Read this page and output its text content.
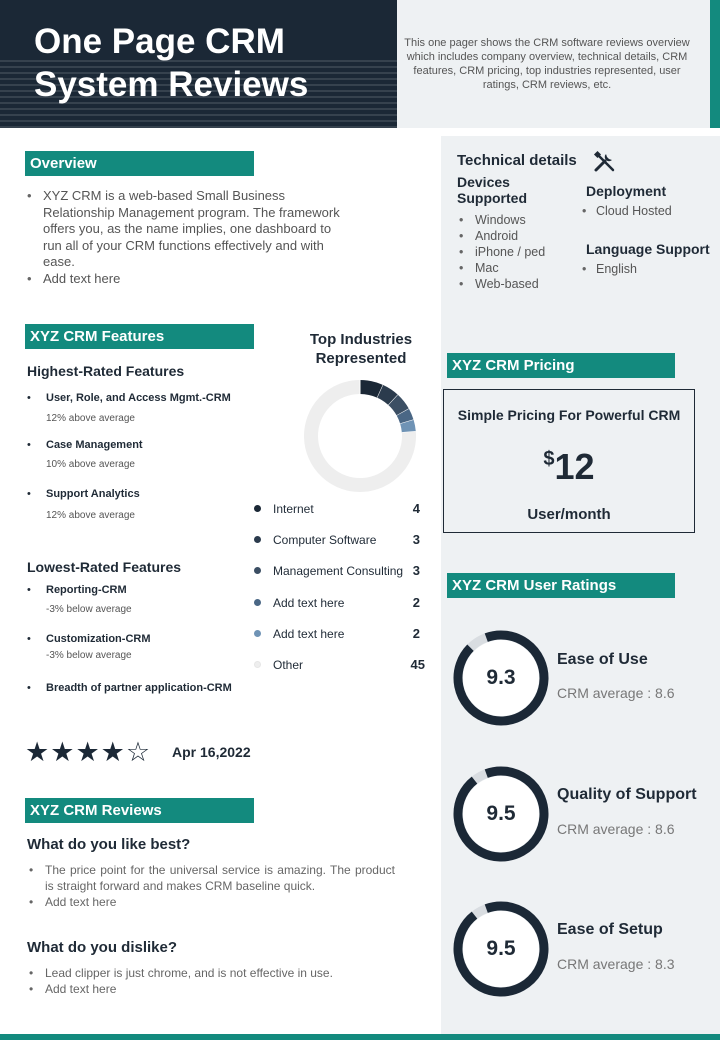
One Page CRM System Reviews
This one pager shows the CRM software reviews overview which includes company overview, technical details, CRM features, CRM pricing, top industries represented, user ratings, CRM reviews, etc.
Overview
• XYZ CRM is a web-based Small Business Relationship Management program. The framework offers you, as the name implies, one dashboard to run all of your CRM functions effectively and with ease.
• Add text here
Technical details
Devices Supported
• Windows
• Android
• iPhone / ped
• Mac
• Web-based
Deployment
• Cloud Hosted
Language Support
• English
XYZ CRM Features
Highest-Rated Features
• User, Role, and Access Mgmt.-CRM
12% above average
• Case Management
10% above average
• Support Analytics
12% above average
Lowest-Rated Features
• Reporting-CRM
-3% below average
• Customization-CRM
-3% below average
• Breadth of partner application-CRM
★★★★☆ Apr 16,2022
Top Industries Represented
Internet	4
Computer Software	3
Management Consulting 3
Add text here	2
Add text here	2
Other	45
XYZ CRM Pricing
Simple Pricing For Powerful CRM
$12
User/month
XYZ CRM User Ratings
9.3
Ease of Use
CRM average : 8.6
9.5
Quality of Support
CRM average : 8.6
9.5
Ease of Setup
CRM average : 8.3
XYZ CRM Reviews
What do you like best?
• The price point for the universal service is amazing. The product is straight forward and makes CRM baseline quick.
• Add text here
What do you dislike?
• Lead clipper is just chrome, and is not effective in use.
• Add text here
